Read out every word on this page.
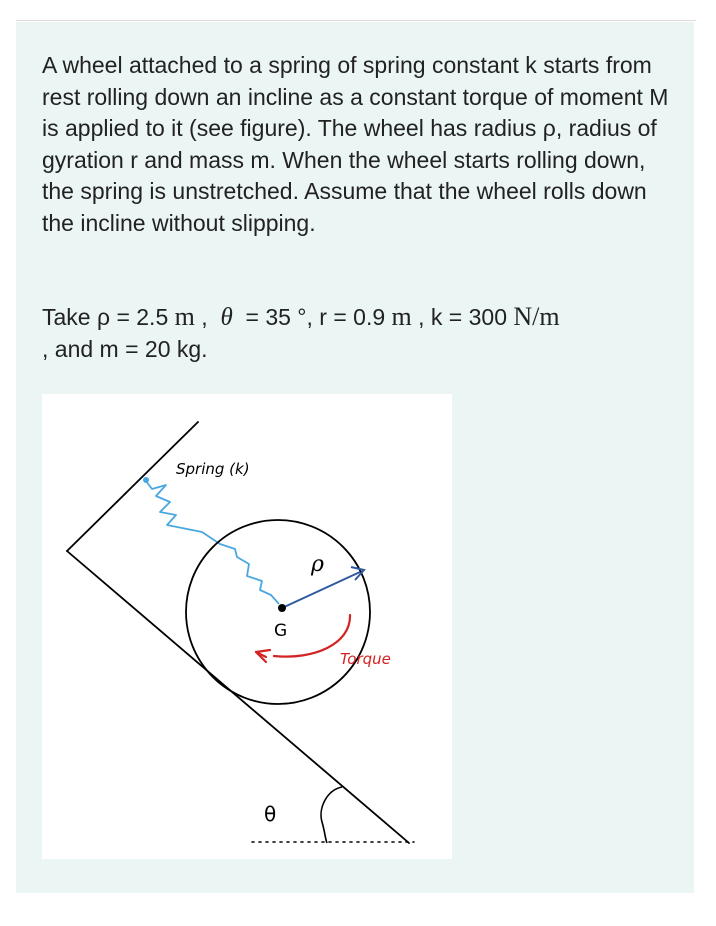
A wheel attached to a spring of spring constant k starts from rest rolling down an incline as a constant torque of moment M is applied to it (see figure). The wheel has radius ρ, radius of gyration r and mass m. When the wheel starts rolling down, the spring is unstretched. Assume that the wheel rolls down the incline without slipping.

Take ρ = 2.5 m , θ  = 35 °, r = 0.9 m , k = 300 N/m
, and m = 20 kg.

θ
Spring (k)
ρ
G
Torque
